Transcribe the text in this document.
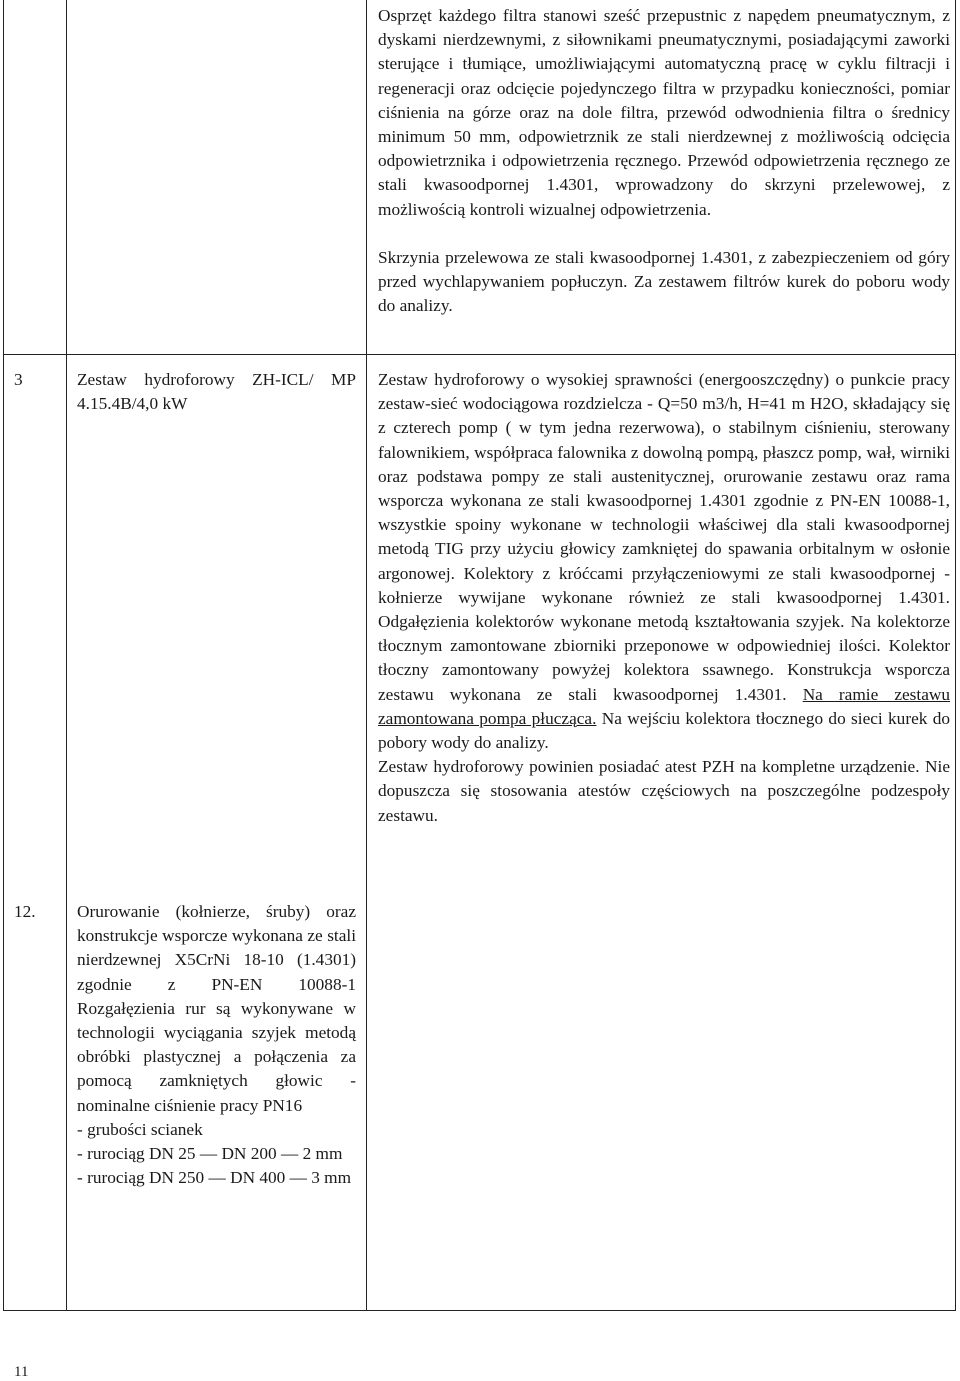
Osprzęt każdego filtra stanowi sześć przepustnic z napędem pneumatycznym, z dyskami nierdzewnymi, z siłownikami pneumatycznymi, posiadającymi zaworki sterujące i tłumiące, umożliwiającymi automatyczną pracę w cyklu filtracji i regeneracji oraz odcięcie pojedynczego filtra w przypadku konieczności, pomiar ciśnienia na górze oraz na dole filtra, przewód odwodnienia filtra o średnicy minimum 50 mm, odpowietrznik ze stali nierdzewnej z możliwością odcięcia odpowietrznika i odpowietrzenia ręcznego. Przewód odpowietrzenia ręcznego ze stali kwasoodpornej 1.4301, wprowadzony do skrzyni przelewowej, z możliwością kontroli wizualnej odpowietrzenia.

Skrzynia przelewowa ze stali kwasoodpornej 1.4301, z zabezpieczeniem od góry przed wychlapywaniem popłuczyn. Za zestawem filtrów kurek do poboru wody do analizy.

3	Zestaw hydroforowy ZH-ICL/ MP 4.15.4B/4,0 kW

12. Orurowanie (kołnierze, śruby) oraz konstrukcje wsporcze wykonana ze stali nierdzewnej X5CrNi 18-10 (1.4301) zgodnie z PN-EN 10088-1 Rozgałęzienia rur są wykonywane w technologii wyciągania szyjek metodą obróbki plastycznej a połączenia za pomocą zamkniętych głowic - nominalne ciśnienie pracy PN16

- grubości scianek

- rurociąg DN 25 — DN 200 — 2 mm

- rurociąg DN 250 — DN 400 — 3 mm

Zestaw hydroforowy o wysokiej sprawności (energooszczędny) o punkcie pracy zestaw-sieć wodociągowa rozdzielcza - Q=50 m3/h, H=41 m H2O, składający się z czterech pomp ( w tym jedna rezerwowa), o stabilnym ciśnieniu, sterowany falownikiem, współpraca falownika z dowolną pompą, płaszcz pomp, wał, wirniki oraz podstawa pompy ze stali austenitycznej, orurowanie zestawu oraz rama wsporcza wykonana ze stali kwasoodpornej 1.4301 zgodnie z PN-EN 10088-1, wszystkie spoiny wykonane w technologii właściwej dla stali kwasoodpornej metodą TIG przy użyciu głowicy zamkniętej do spawania orbitalnym w osłonie argonowej. Kolektory z króćcami przyłączeniowymi ze stali kwasoodpornej - kołnierze wywijane wykonane również ze stali kwasoodpornej 1.4301. Odgałęzienia kolektorów wykonane metodą kształtowania szyjek. Na kolektorze tłocznym zamontowane zbiorniki przeponowe w odpowiedniej ilości. Kolektor tłoczny zamontowany powyżej kolektora ssawnego. Konstrukcja wsporcza zestawu wykonana ze stali kwasoodpornej 1.4301. Na ramie zestawu zamontowana pompa płucząca. Na wejściu kolektora tłocznego do sieci kurek do pobory wody do analizy.

Zestaw hydroforowy powinien posiadać atest PZH na kompletne urządzenie. Nie dopuszcza się stosowania atestów częściowych na poszczególne podzespoły zestawu.

11
